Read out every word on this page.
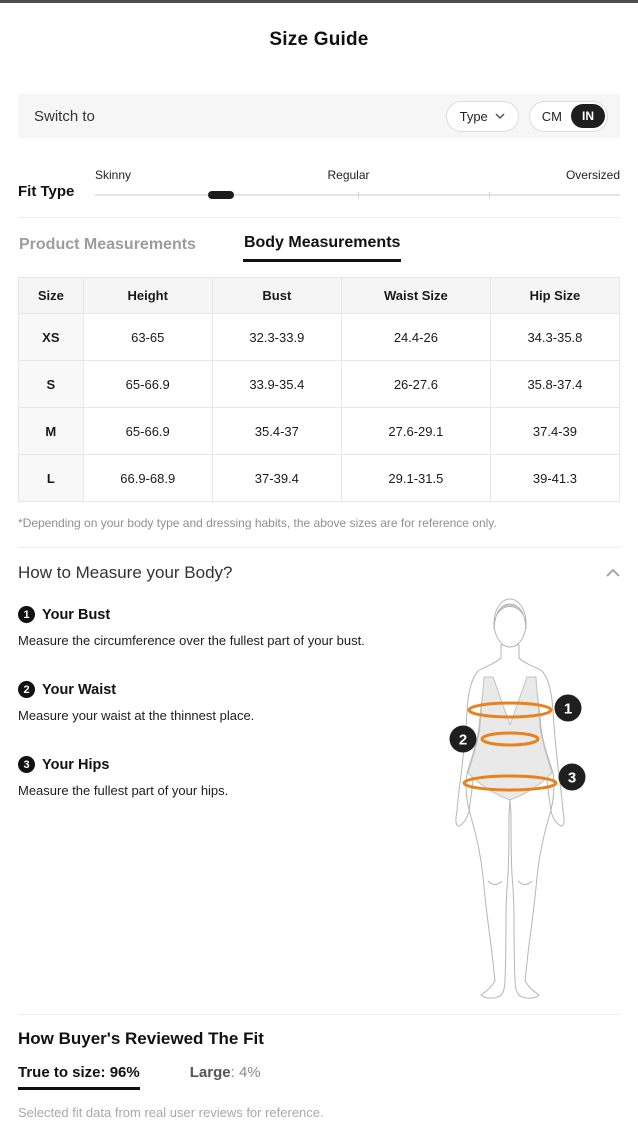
Size Guide
Switch to	Type	CM	IN
Fit Type
Skinny	Regular	Oversized
Product Measurements	Body Measurements
Size	Height	Bust	Waist Size	Hip Size
XS	63-65	32.3-33.9	24.4-26	34.3-35.8
S	65-66.9	33.9-35.4	26-27.6	35.8-37.4
M	65-66.9	35.4-37	27.6-29.1	37.4-39
L	66.9-68.9	37-39.4	29.1-31.5	39-41.3

*Depending on your body type and dressing habits, the above sizes are for reference only.

How to Measure your Body?
1 Your Bust

Measure the circumference over the fullest part of your bust.

2 Your Waist

Measure your waist at the thinnest place.

3 Your Hips

Measure the fullest part of your hips.

1
2
3
How Buyer's Reviewed The Fit
True to size: 96%	Large: 4%

Selected fit data from real user reviews for reference.
